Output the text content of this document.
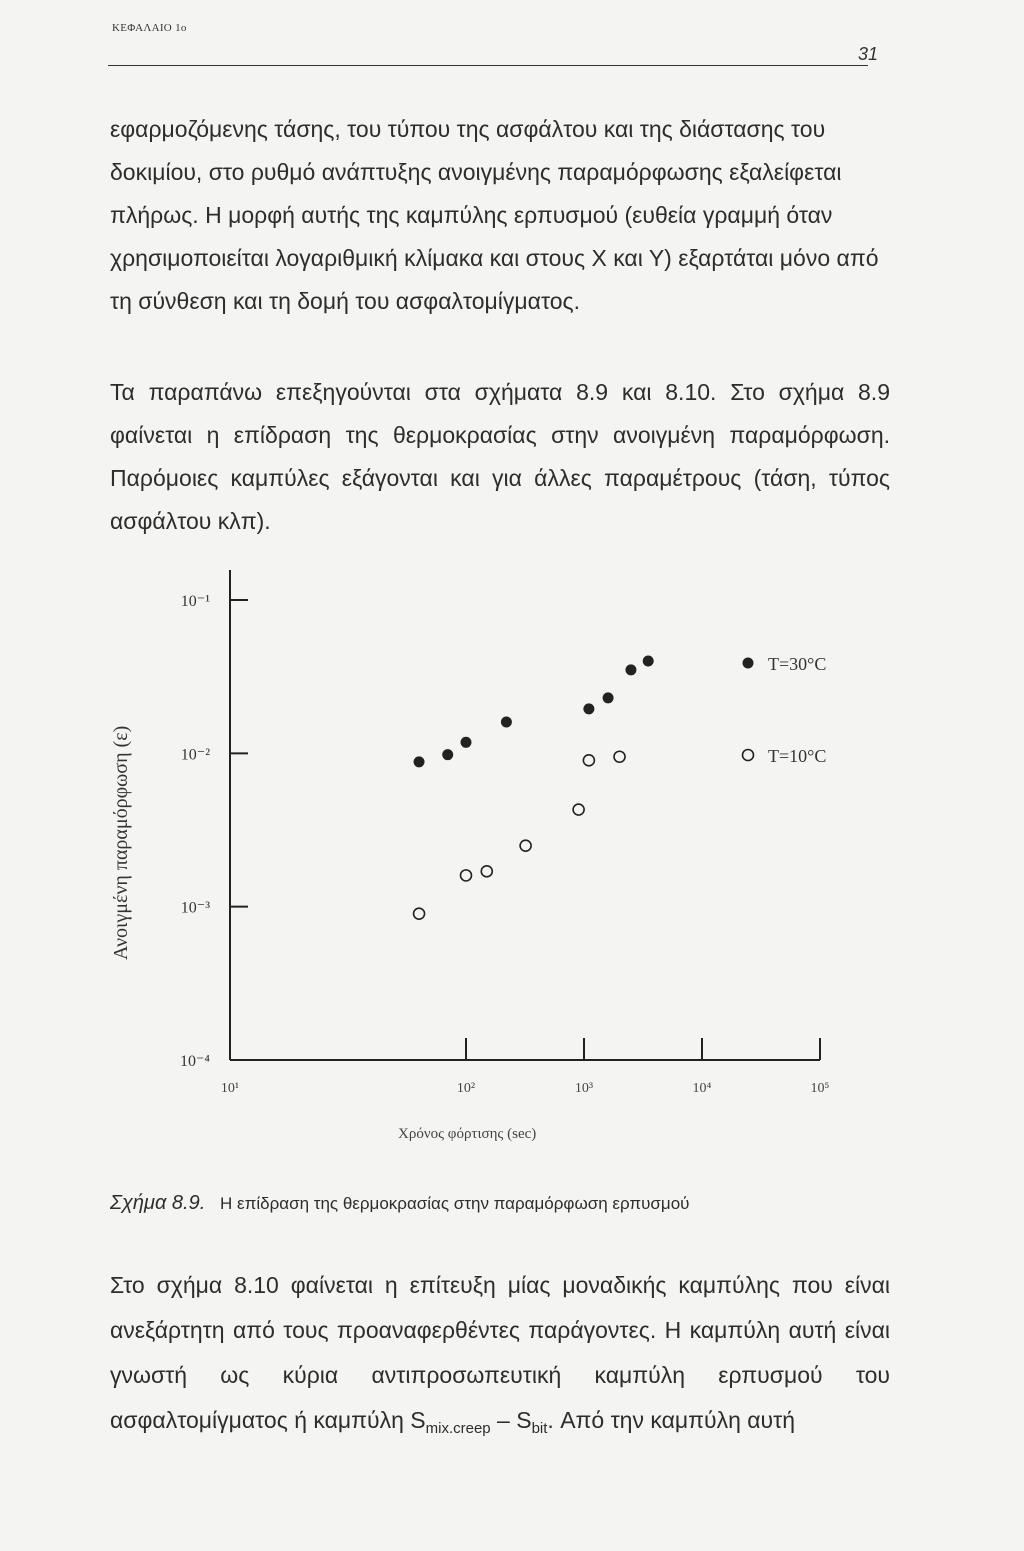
ΚΕΦΑΛΑΙΟ 1ο
31

εφαρμοζόμενης τάσης, του τύπου της ασφάλτου και της διάστασης του δοκιμίου, στο ρυθμό ανάπτυξης ανοιγμένης παραμόρφωσης εξαλείφεται πλήρως. Η μορφή αυτής της καμπύλης ερπυσμού (ευθεία γραμμή όταν χρησιμοποιείται λογαριθμική κλίμακα και στους Χ και Υ) εξαρτάται μόνο από τη σύνθεση και τη δομή του ασφαλτομίγματος.

Τα παραπάνω επεξηγούνται στα σχήματα 8.9 και 8.10. Στο σχήμα 8.9 φαίνεται η επίδραση της θερμοκρασίας στην ανοιγμένη παραμόρφωση. Παρόμοιες καμπύλες εξάγονται και για άλλες παραμέτρους (τάση, τύπος ασφάλτου κλπ).

10⁻¹
10⁻²
10⁻³
10⁻⁴
10¹	10²	10³	10⁴	10⁵
T=30°C
T=10°C
Ανοιγμένη παραμόρφωση (ε)
Χρόνος φόρτισης (sec)
Σχήμα 8.9. Η επίδραση της θερμοκρασίας στην παραμόρφωση ερπυσμού

Στο σχήμα 8.10 φαίνεται η επίτευξη μίας μοναδικής καμπύλης που είναι ανεξάρτητη από τους προαναφερθέντες παράγοντες. Η καμπύλη αυτή είναι γνωστή ως κύρια αντιπροσωπευτική καμπύλη ερπυσμού του ασφαλτομίγματος ή καμπύλη $S_{mix.creep} - S_{bit}$. Από την καμπύλη αυτή
